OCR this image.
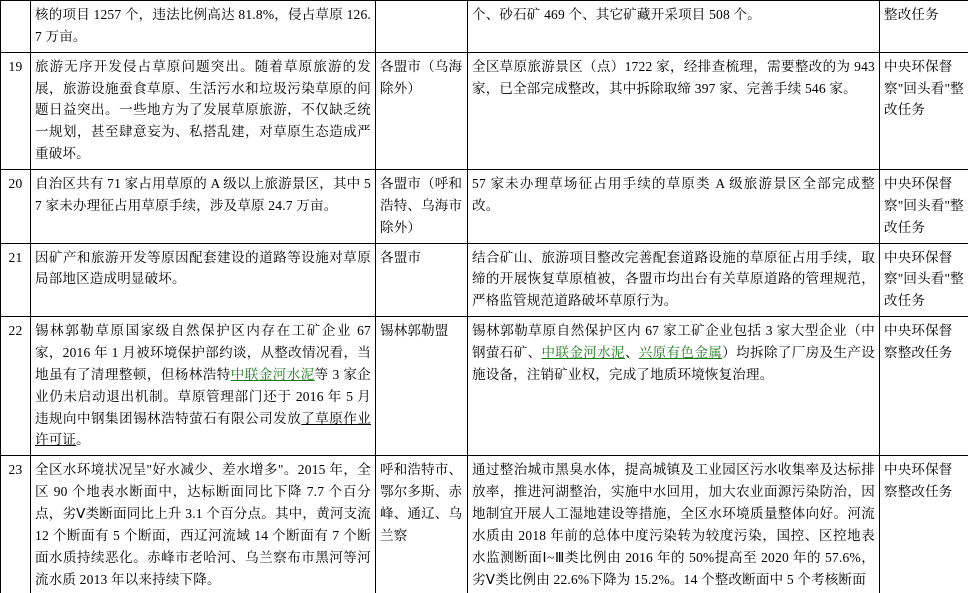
	核的项目 1257 个，违法比例高达 81.8%，侵占草原 126.7 万亩。		个、砂石矿 469 个、其它矿藏开采项目 508 个。	整改任务
19	旅游无序开发侵占草原问题突出。随着草原旅游的发展，旅游设施蚕食草原、生活污水和垃圾污染草原的问题日益突出。一些地方为了发展草原旅游，不仅缺乏统一规划，甚至肆意妄为、私搭乱建，对草原生态造成严重破坏。	各盟市（乌海除外）	全区草原旅游景区（点）1722 家，经排查梳理，需要整改的为 943 家，已全部完成整改，其中拆除取缔 397 家、完善手续 546 家。	中央环保督察"回头看"整改任务
20	自治区共有 71 家占用草原的 A 级以上旅游景区，其中 57 家未办理征占用草原手续，涉及草原 24.7 万亩。	各盟市（呼和浩特、乌海市除外）	57 家未办理草场征占用手续的草原类 A 级旅游景区全部完成整改。	中央环保督察"回头看"整改任务
21	因矿产和旅游开发等原因配套建设的道路等设施对草原局部地区造成明显破坏。	各盟市	结合矿山、旅游项目整改完善配套道路设施的草原征占用手续，取缔的开展恢复草原植被，各盟市均出台有关草原道路的管理规范，严格监管规范道路破坏草原行为。	中央环保督察"回头看"整改任务
22	锡林郭勒草原国家级自然保护区内存在工矿企业 67 家，2016 年 1 月被环境保护部约谈，从整改情况看，当地虽有了清理整顿，但杨林浩特中联金河水泥等 3 家企业仍未启动退出机制。草原管理部门还于 2016 年 5 月违规向中钢集团锡林浩特萤石有限公司发放了草原作业许可证。	锡林郭勒盟	锡林郭勒草原自然保护区内 67 家工矿企业包括 3 家大型企业（中钢萤石矿、中联金河水泥、兴原有色金属）均拆除了厂房及生产设施设备，注销矿业权，完成了地质环境恢复治理。	中央环保督察整改任务
23	全区水环境状况呈"好水减少、差水增多"。2015 年，全区 90 个地表水断面中，达标断面同比下降 7.7 个百分点，劣Ⅴ类断面同比上升 3.1 个百分点。其中，黄河支流 12 个断面有 5 个断面，西辽河流域 14 个断面有 7 个断面水质持续恶化。赤峰市老哈河、乌兰察布市黑河等河流水质 2013 年以来持续下降。	呼和浩特市、鄂尔多斯、赤峰、通辽、乌兰察	通过整治城市黑臭水体，提高城镇及工业园区污水收集率及达标排放率，推进河湖整治，实施中水回用，加大农业面源污染防治，因地制宜开展人工湿地建设等措施，全区水环境质量整体向好。河流水质由 2018 年前的总体中度污染转为较度污染，国控、区控地表水监测断面Ⅰ~Ⅲ类比例由 2016 年的 50%提高至 2020 年的 57.6%，劣Ⅴ类比例由 22.6%下降为 15.2%。14 个整改断面中 5 个考核断面	中央环保督察整改任务
